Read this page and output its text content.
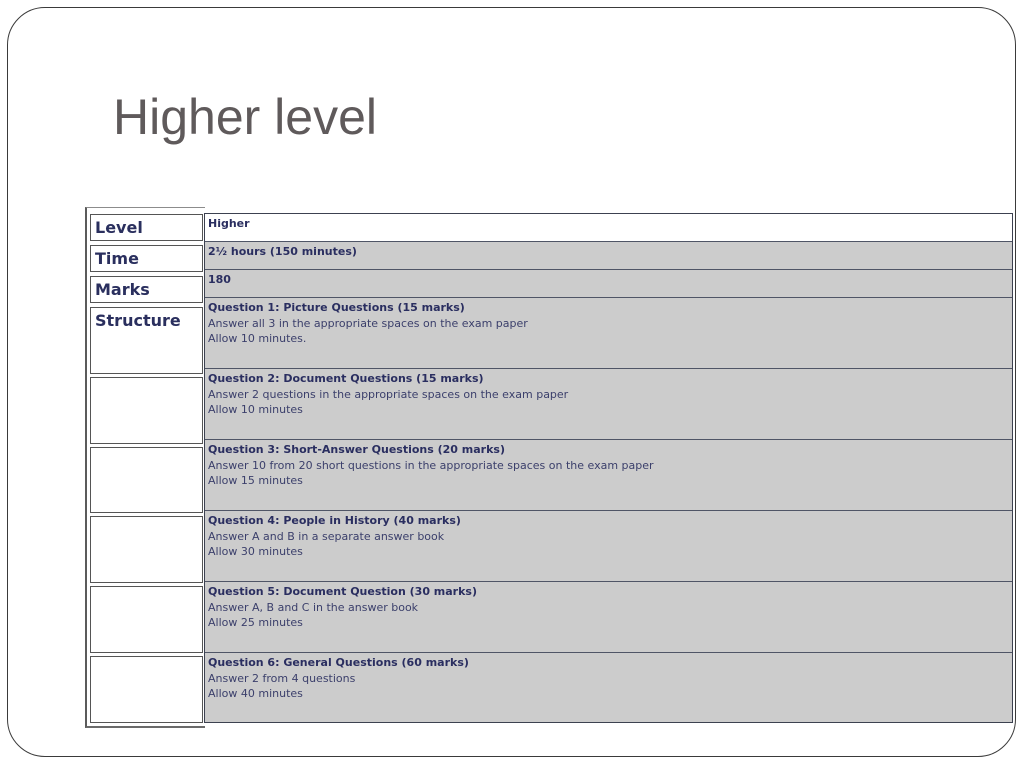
Higher level
Level
Time
Marks
Structure
Higher
2½ hours (150 minutes)
180
Question 1: Picture Questions (15 marks)
Answer all 3 in the appropriate spaces on the exam paper
Allow 10 minutes.
Question 2: Document Questions (15 marks)
Answer 2 questions in the appropriate spaces on the exam paper
Allow 10 minutes
Question 3: Short-Answer Questions (20 marks)
Answer 10 from 20 short questions in the appropriate spaces on the exam paper
Allow 15 minutes
Question 4: People in History (40 marks)
Answer A and B in a separate answer book
Allow 30 minutes
Question 5: Document Question (30 marks)
Answer A, B and C in the answer book
Allow 25 minutes
Question 6: General Questions (60 marks)
Answer 2 from 4 questions
Allow 40 minutes
